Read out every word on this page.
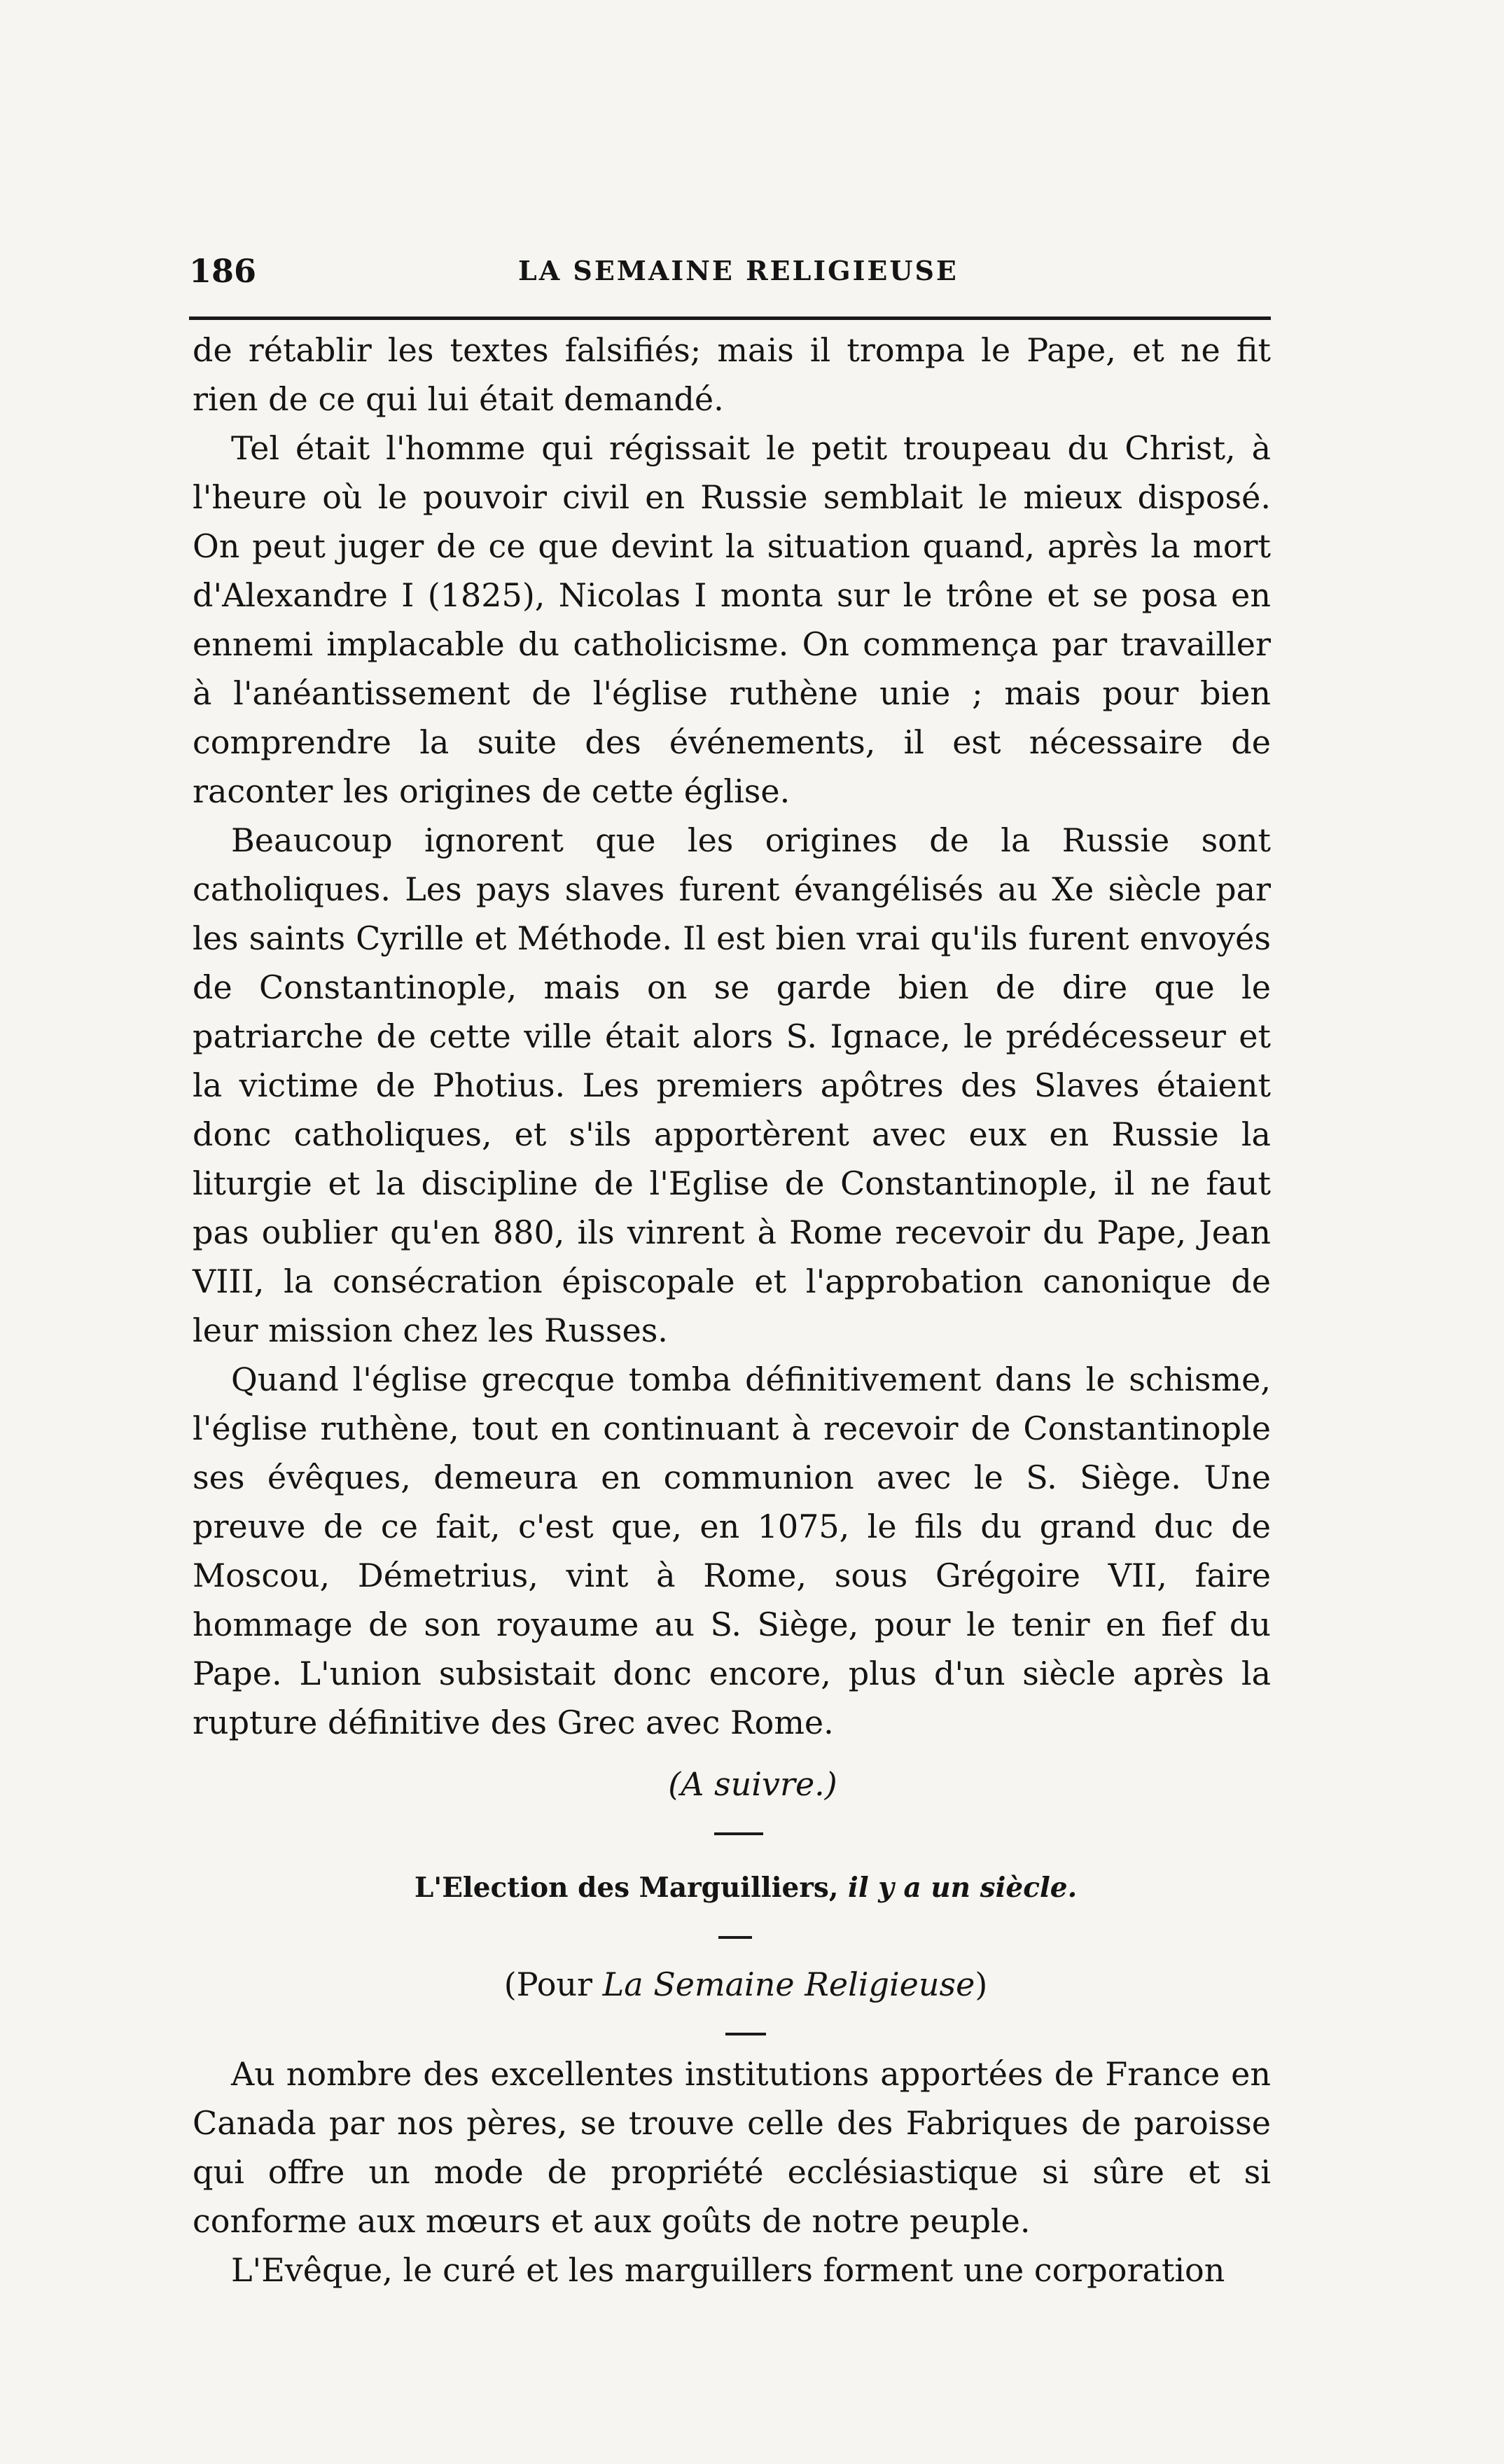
186	LA SEMAINE RELIGIEUSE

de rétablir les textes falsifiés; mais il trompa le Pape, et ne fit rien de ce qui lui était demandé.

Tel était l'homme qui régissait le petit troupeau du Christ, à l'heure où le pouvoir civil en Russie semblait le mieux disposé. On peut juger de ce que devint la situation quand, après la mort d'Alexandre I (1825), Nicolas I monta sur le trône et se posa en ennemi implacable du catholicisme. On commença par travailler à l'anéantissement de l'église ruthène unie ; mais pour bien comprendre la suite des événements, il est nécessaire de raconter les origines de cette église.

Beaucoup ignorent que les origines de la Russie sont catholiques. Les pays slaves furent évangélisés au Xe siècle par les saints Cyrille et Méthode. Il est bien vrai qu'ils furent envoyés de Constantinople, mais on se garde bien de dire que le patriarche de cette ville était alors S. Ignace, le prédécesseur et la victime de Photius. Les premiers apôtres des Slaves étaient donc catholiques, et s'ils apportèrent avec eux en Russie la liturgie et la discipline de l'Eglise de Constantinople, il ne faut pas oublier qu'en 880, ils vinrent à Rome recevoir du Pape, Jean VIII, la consécration épiscopale et l'approbation canonique de leur mission chez les Russes.

Quand l'église grecque tomba définitivement dans le schisme, l'église ruthène, tout en continuant à recevoir de Constantinople ses évêques, demeura en communion avec le S. Siège. Une preuve de ce fait, c'est que, en 1075, le fils du grand duc de Moscou, Démetrius, vint à Rome, sous Grégoire VII, faire hommage de son royaume au S. Siège, pour le tenir en fief du Pape. L'union subsistait donc encore, plus d'un siècle après la rupture définitive des Grec avec Rome.

(A suivre.)

L'Election des Marguilliers, il y a un siècle.

(Pour La Semaine Religieuse)

Au nombre des excellentes institutions apportées de France en Canada par nos pères, se trouve celle des Fabriques de paroisse qui offre un mode de propriété ecclésiastique si sûre et si conforme aux mœurs et aux goûts de notre peuple.

L'Evêque, le curé et les marguillers forment une corporation
